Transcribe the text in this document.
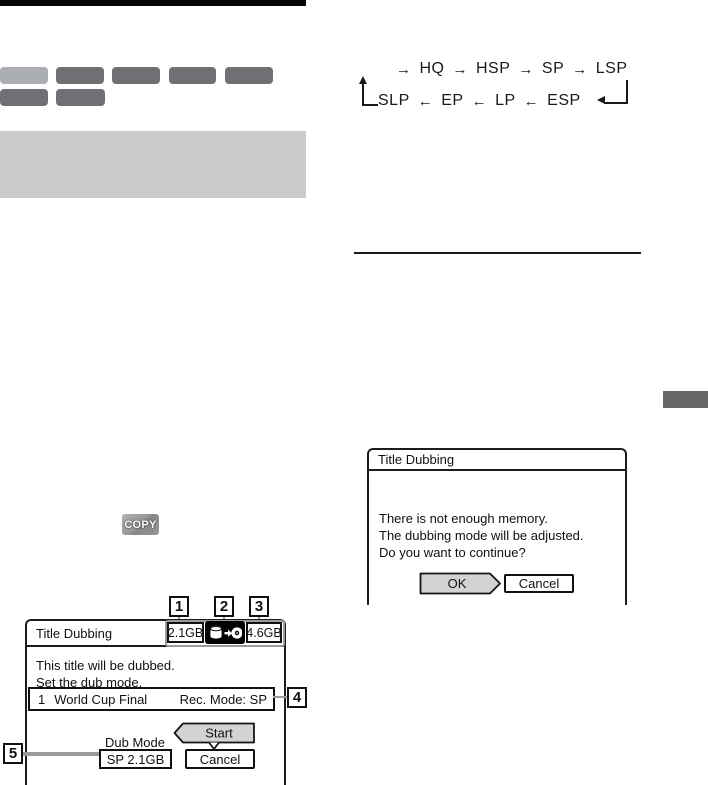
→ HQ → HSP → SP → LSP
SLP ← EP ← LP ← ESP
COPY
Title Dubbing
There is not enough memory.
The dubbing mode will be adjusted.
Do you want to continue?
OK	Cancel
1 2 3
Title Dubbing	2.1GB	4.6GB
This title will be dubbed.
Set the dub mode.
1 World Cup Final Rec. Mode: SP
Dub Mode
Start
SP 2.1GB	Cancel
4
5
